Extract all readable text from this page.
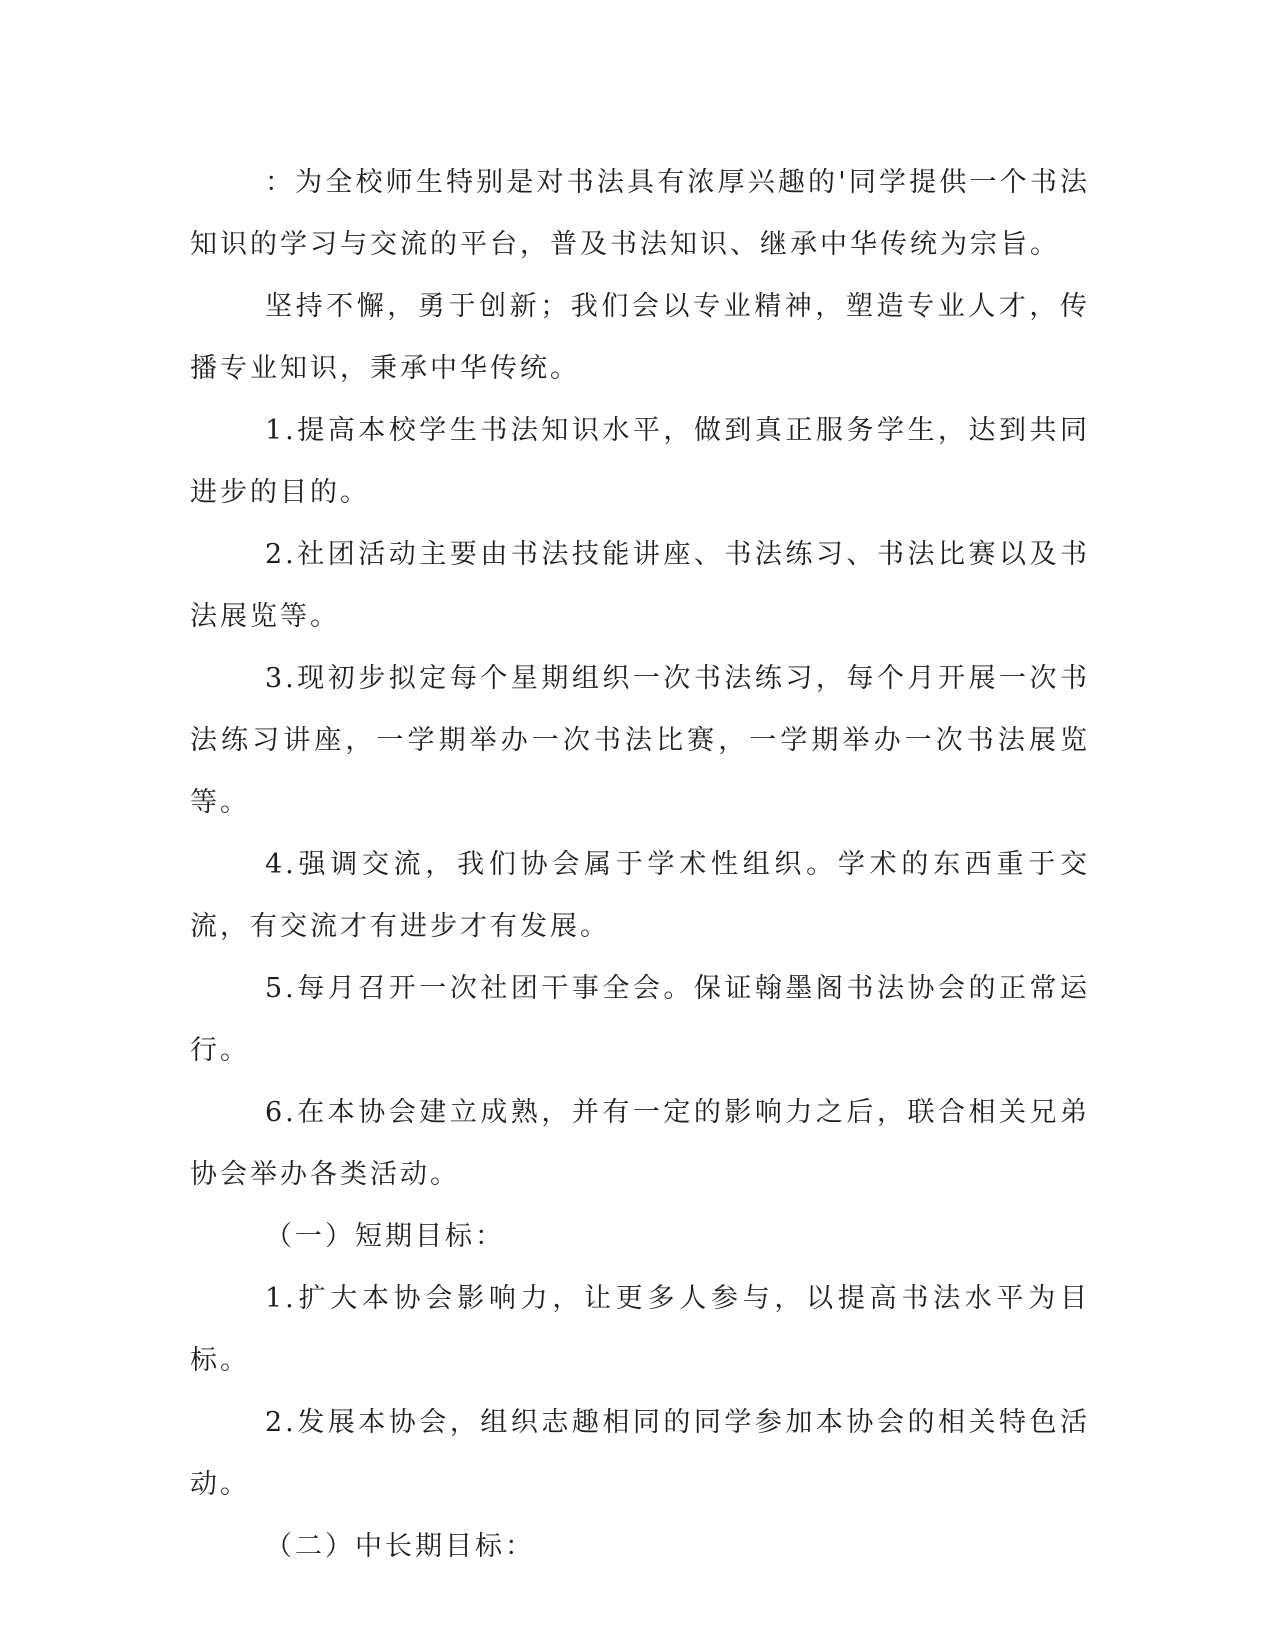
：为全校师生特别是对书法具有浓厚兴趣的'同学提供一个书法知识的学习与交流的平台，普及书法知识、继承中华传统为宗旨。

坚持不懈，勇于创新；我们会以专业精神，塑造专业人才，传播专业知识，秉承中华传统。

1.提高本校学生书法知识水平，做到真正服务学生，达到共同进步的目的。

2.社团活动主要由书法技能讲座、书法练习、书法比赛以及书法展览等。

3.现初步拟定每个星期组织一次书法练习，每个月开展一次书法练习讲座，一学期举办一次书法比赛，一学期举办一次书法展览等。

4.强调交流，我们协会属于学术性组织。学术的东西重于交流，有交流才有进步才有发展。

5.每月召开一次社团干事全会。保证翰墨阁书法协会的正常运行。

6.在本协会建立成熟，并有一定的影响力之后，联合相关兄弟协会举办各类活动。

（一）短期目标：

1.扩大本协会影响力，让更多人参与，以提高书法水平为目标。

2.发展本协会，组织志趣相同的同学参加本协会的相关特色活动。

（二）中长期目标：
